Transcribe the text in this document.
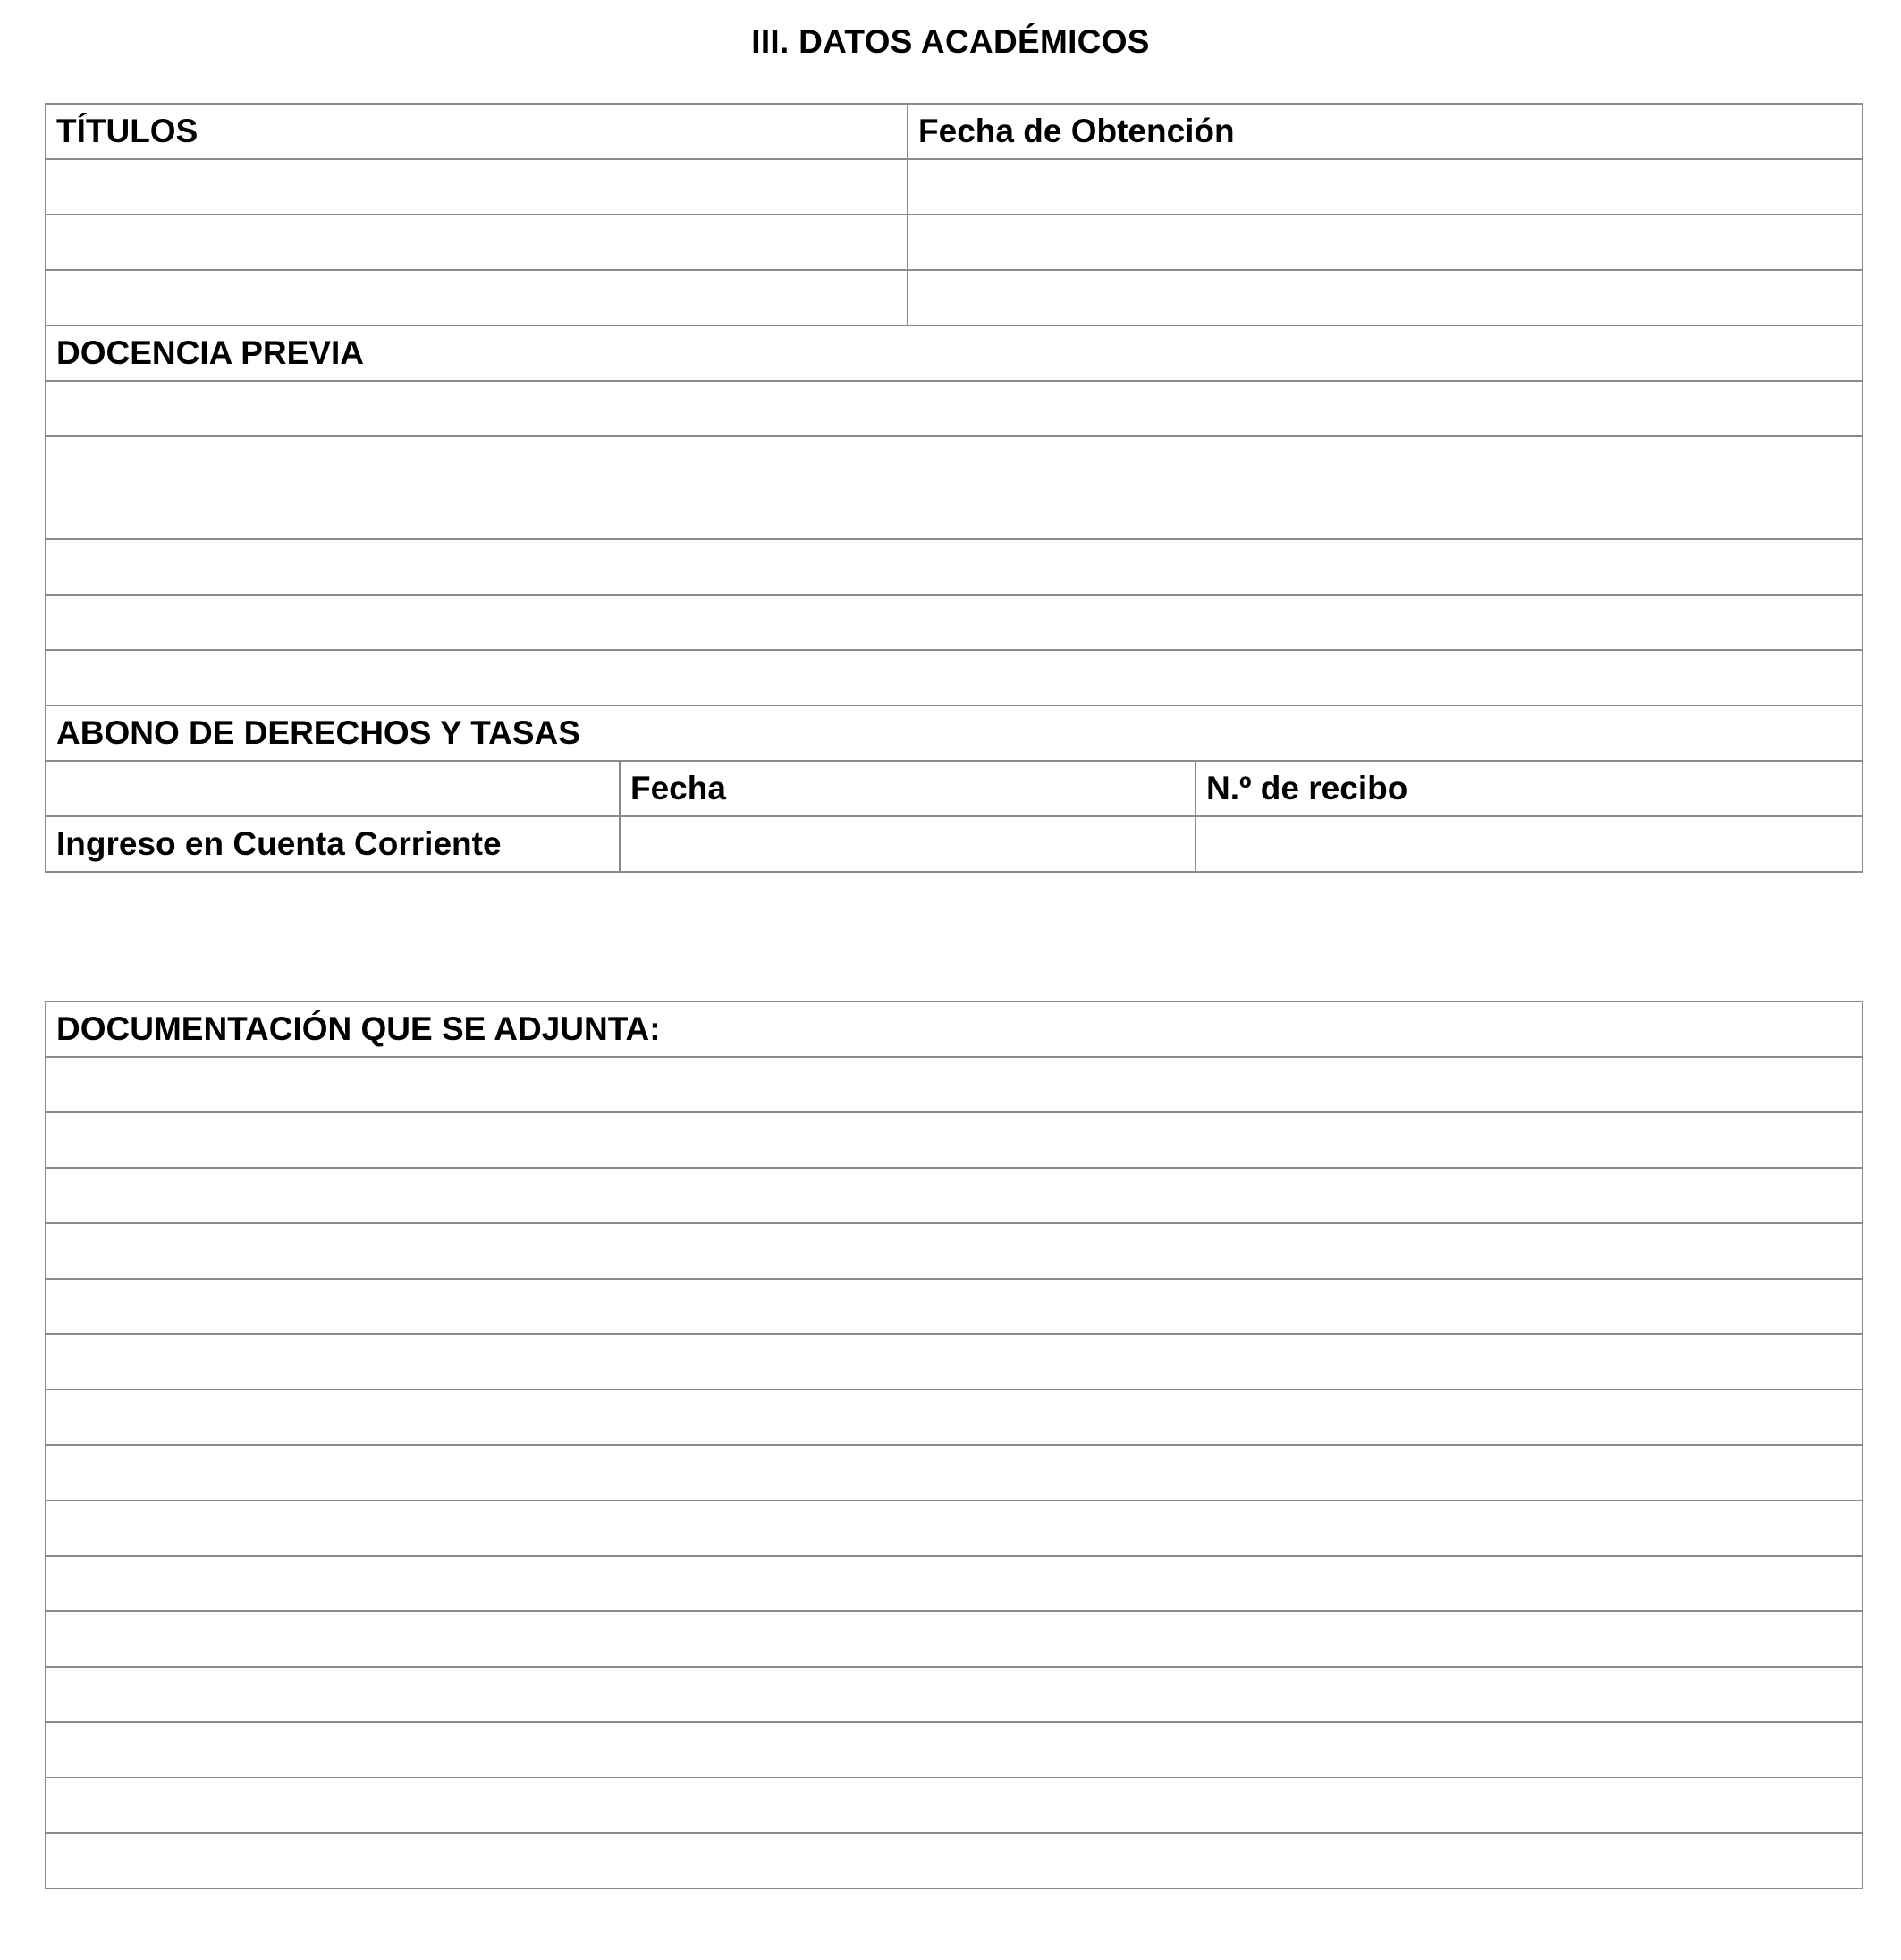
III. DATOS ACADÉMICOS
TÍTULOS		Fecha de Obtención	

DOCENCIA PREVIA			

ABONO DE DERECHOS Y TASAS			
	Fecha		N.º de recibo
Ingreso en Cuenta Corriente			
DOCUMENTACIÓN QUE SE ADJUNTA:
